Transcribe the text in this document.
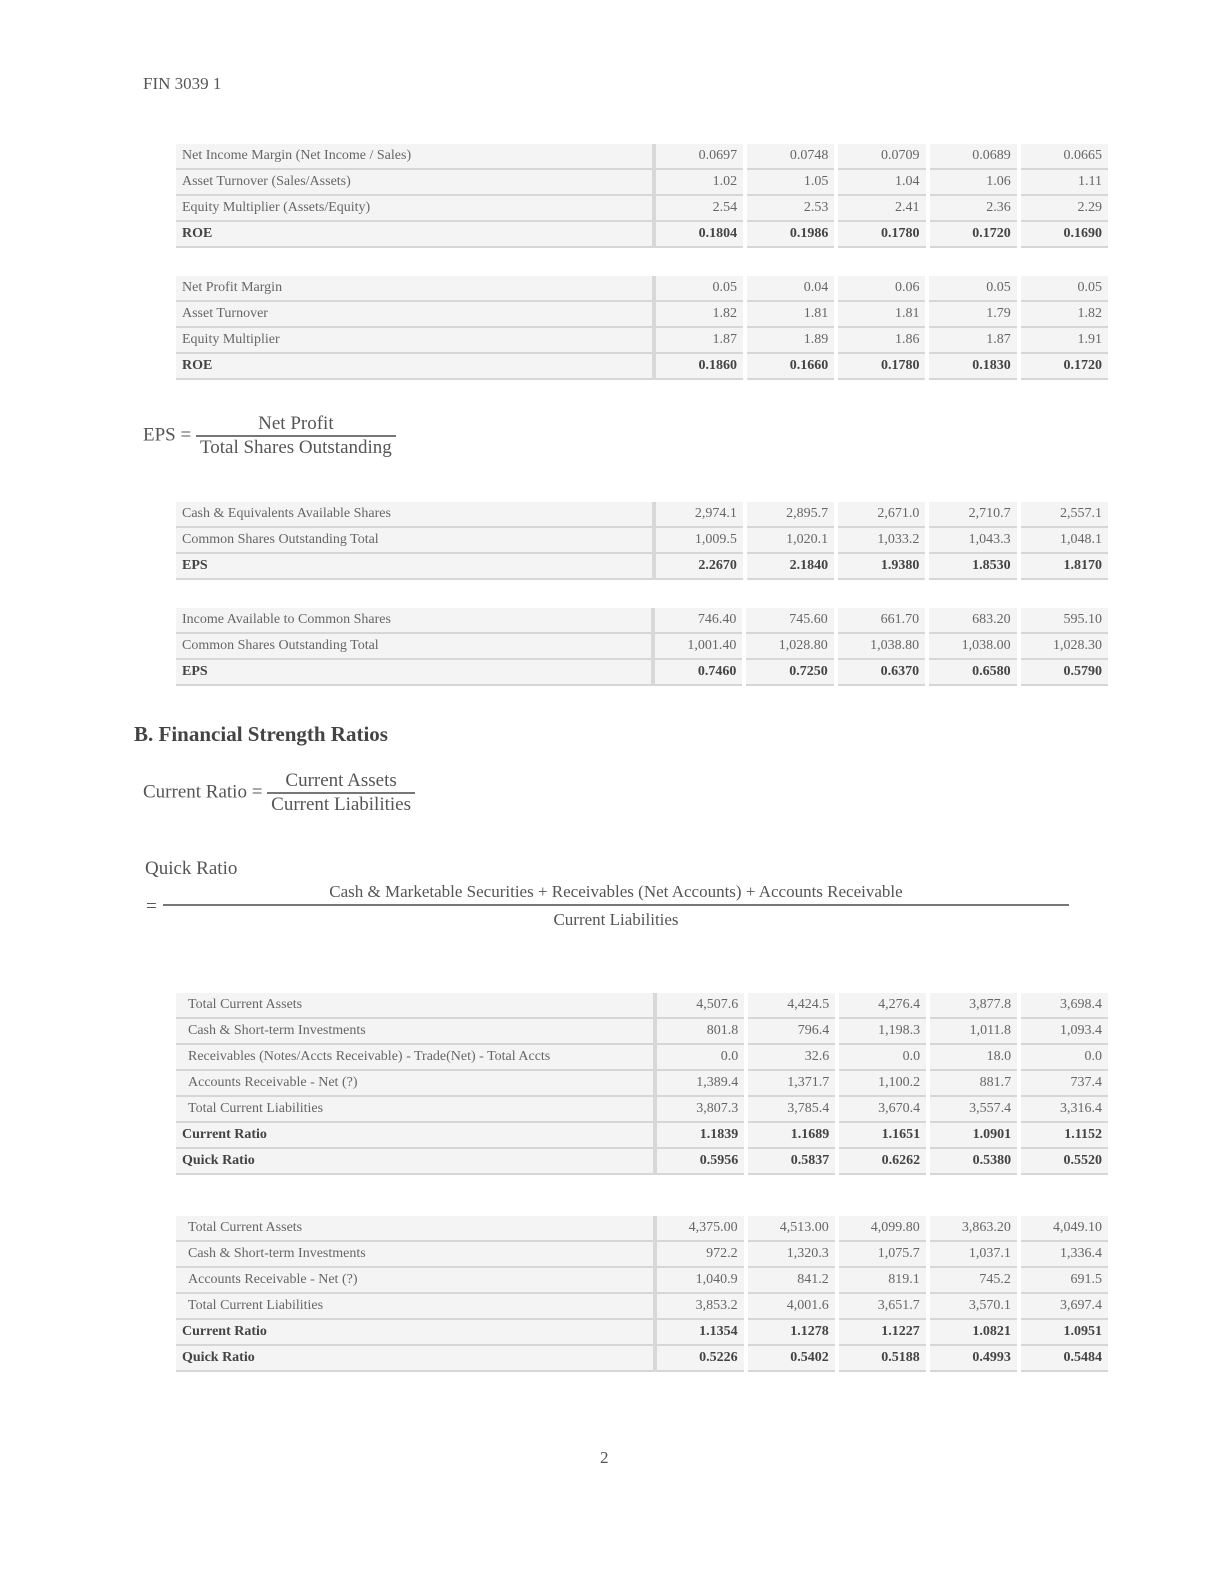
FIN 3039 1
Net Income Margin (Net Income / Sales)	0.0697	0.0748	0.0709	0.0689	0.0665
Asset Turnover (Sales/Assets)	1.02	1.05	1.04	1.06	1.11
Equity Multiplier (Assets/Equity)	2.54	2.53	2.41	2.36	2.29
ROE	0.1804	0.1986	0.1780	0.1720	0.1690
Net Profit Margin	0.05	0.04	0.06	0.05	0.05
Asset Turnover	1.82	1.81	1.81	1.79	1.82
Equity Multiplier	1.87	1.89	1.86	1.87	1.91
ROE	0.1860	0.1660	0.1780	0.1830	0.1720
EPS = $\frac{\text{Net Profit}}{\text{Total Shares Outstanding}}$
Cash & Equivalents Available Shares	2,974.1	2,895.7	2,671.0	2,710.7	2,557.1
Common Shares Outstanding Total	1,009.5	1,020.1	1,033.2	1,043.3	1,048.1
EPS	2.2670	2.1840	1.9380	1.8530	1.8170
Income Available to Common Shares	746.40	745.60	661.70	683.20	595.10
Common Shares Outstanding Total	1,001.40	1,028.80	1,038.80	1,038.00	1,028.30
EPS	0.7460	0.7250	0.6370	0.6580	0.5790
B. Financial Strength Ratios
Current Ratio = $\frac{\text{Current Assets}}{\text{Current Liabilities}}$
Quick Ratio
=
Cash & Marketable Securities + Receivables (Net Accounts) + Accounts Receivable
Current Liabilities
Total Current Assets	4,507.6	4,424.5	4,276.4	3,877.8	3,698.4
Cash & Short-term Investments	801.8	796.4	1,198.3	1,011.8	1,093.4
Receivables (Notes/Accts Receivable) - Trade(Net) - Total Accts	0.0	32.6	0.0	18.0	0.0
Accounts Receivable - Net (?)	1,389.4	1,371.7	1,100.2	881.7	737.4
Total Current Liabilities	3,807.3	3,785.4	3,670.4	3,557.4	3,316.4
Current Ratio	1.1839	1.1689	1.1651	1.0901	1.1152
Quick Ratio	0.5956	0.5837	0.6262	0.5380	0.5520
Total Current Assets	4,375.00	4,513.00	4,099.80	3,863.20	4,049.10
Cash & Short-term Investments	972.2	1,320.3	1,075.7	1,037.1	1,336.4
Accounts Receivable - Net (?)	1,040.9	841.2	819.1	745.2	691.5
Total Current Liabilities	3,853.2	4,001.6	3,651.7	3,570.1	3,697.4
Current Ratio	1.1354	1.1278	1.1227	1.0821	1.0951
Quick Ratio	0.5226	0.5402	0.5188	0.4993	0.5484
2
